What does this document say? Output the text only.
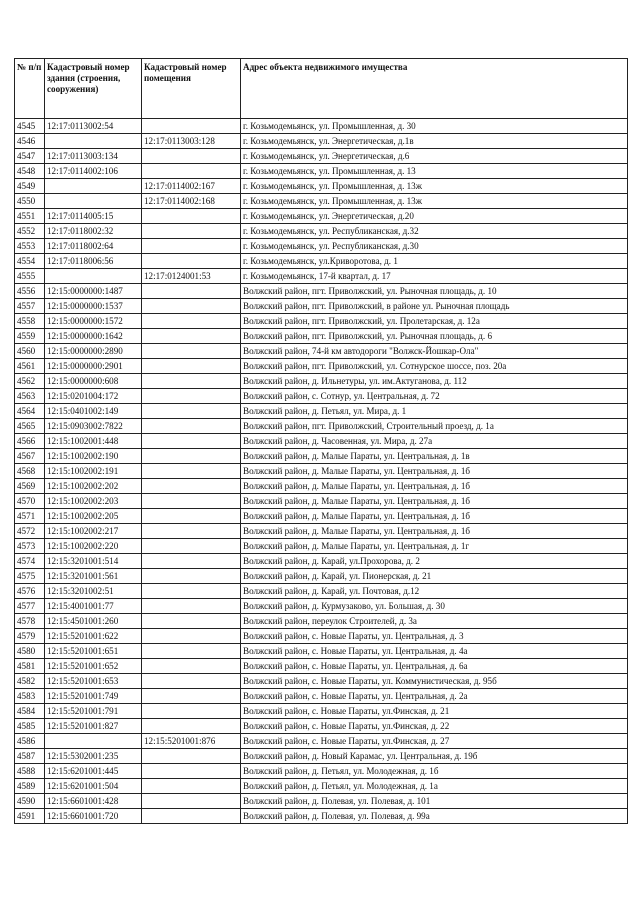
№ п/п	Кадастровый номер здания (строения, сооружения)	Кадастровый номер помещения	Адрес объекта недвижимого имущества
4545	12:17:0113002:54		г. Козьмодемьянск, ул. Промышленная, д. 30
4546		12:17:0113003:128	г. Козьмодемьянск, ул. Энергетическая, д.1в
4547	12:17:0113003:134		г. Козьмодемьянск, ул. Энергетическая, д.6
4548	12:17:0114002:106		г. Козьмодемьянск, ул. Промышленная, д. 13
4549		12:17:0114002:167	г. Козьмодемьянск, ул. Промышленная, д. 13ж
4550		12:17:0114002:168	г. Козьмодемьянск, ул. Промышленная, д. 13ж
4551	12:17:0114005:15		г. Козьмодемьянск, ул. Энергетическая, д.20
4552	12:17:0118002:32		г. Козьмодемьянск, ул. Республиканская, д.32
4553	12:17:0118002:64		г. Козьмодемьянск, ул. Республиканская, д.30
4554	12:17:0118006:56		г. Козьмодемьянск, ул.Криворотова, д. 1
4555		12:17:0124001:53	г. Козьмодемьянск, 17-й квартал, д. 17
4556	12:15:0000000:1487		Волжский район, пгт. Приволжский, ул. Рыночная площадь, д. 10
4557	12:15:0000000:1537		Волжский район, пгт. Приволжский, в районе ул. Рыночная площадь
4558	12:15:0000000:1572		Волжский район, пгт. Приволжский, ул. Пролетарская, д. 12а
4559	12:15:0000000:1642		Волжский район, пгт. Приволжский, ул. Рыночная площадь, д. 6
4560	12:15:0000000:2890		Волжский район, 74-й км автодороги "Волжск-Йошкар-Ола"
4561	12:15:0000000:2901		Волжский район, пгт. Приволжский, ул. Сотнурское шоссе, поз. 20а
4562	12:15:0000000:608		Волжский район, д. Ильнетуры, ул. им.Актуганова, д. 112
4563	12:15:0201004:172		Волжский район, с. Сотнур, ул. Центральная, д. 72
4564	12:15:0401002:149		Волжский район, д. Петьял, ул. Мира, д. 1
4565	12:15:0903002:7822		Волжский район, пгт. Приволжский, Строительный проезд, д. 1а
4566	12:15:1002001:448		Волжский район, д. Часовенная, ул. Мира, д. 27а
4567	12:15:1002002:190		Волжский район, д. Малые Параты, ул. Центральная, д. 1в
4568	12:15:1002002:191		Волжский район, д. Малые Параты, ул. Центральная, д. 1б
4569	12:15:1002002:202		Волжский район, д. Малые Параты, ул. Центральная, д. 1б
4570	12:15:1002002:203		Волжский район, д. Малые Параты, ул. Центральная, д. 1б
4571	12:15:1002002:205		Волжский район, д. Малые Параты, ул. Центральная, д. 1б
4572	12:15:1002002:217		Волжский район, д. Малые Параты, ул. Центральная, д. 1б
4573	12:15:1002002:220		Волжский район, д. Малые Параты, ул. Центральная, д. 1г
4574	12:15:3201001:514		Волжский район, д. Карай, ул.Прохорова, д. 2
4575	12:15:3201001:561		Волжский район, д. Карай, ул. Пионерская, д. 21
4576	12:15:3201002:51		Волжский район, д. Карай, ул. Почтовая, д.12
4577	12:15:4001001:77		Волжский район, д. Курмузаково, ул. Большая, д. 30
4578	12:15:4501001:260		Волжский район, переулок Строителей, д. 3а
4579	12:15:5201001:622		Волжский район, с. Новые Параты, ул. Центральная, д. 3
4580	12:15:5201001:651		Волжский район, с. Новые Параты, ул. Центральная, д. 4а
4581	12:15:5201001:652		Волжский район, с. Новые Параты, ул. Центральная, д. 6а
4582	12:15:5201001:653		Волжский район, с. Новые Параты, ул. Коммунистическая, д. 95б
4583	12:15:5201001:749		Волжский район, с. Новые Параты, ул. Центральная, д. 2а
4584	12:15:5201001:791		Волжский район, с. Новые Параты, ул.Финская, д. 21
4585	12:15:5201001:827		Волжский район, с. Новые Параты, ул.Финская, д. 22
4586		12:15:5201001:876	Волжский район, с. Новые Параты, ул.Финская, д. 27
4587	12:15:5302001:235		Волжский район, д. Новый Карамас, ул. Центральная, д. 19б
4588	12:15:6201001:445		Волжский район, д. Петьял, ул. Молодежная, д. 1б
4589	12:15:6201001:504		Волжский район, д. Петьял, ул. Молодежная, д. 1а
4590	12:15:6601001:428		Волжский район, д. Полевая, ул. Полевая, д. 101
4591	12:15:6601001:720		Волжский район, д. Полевая, ул. Полевая, д. 99а
